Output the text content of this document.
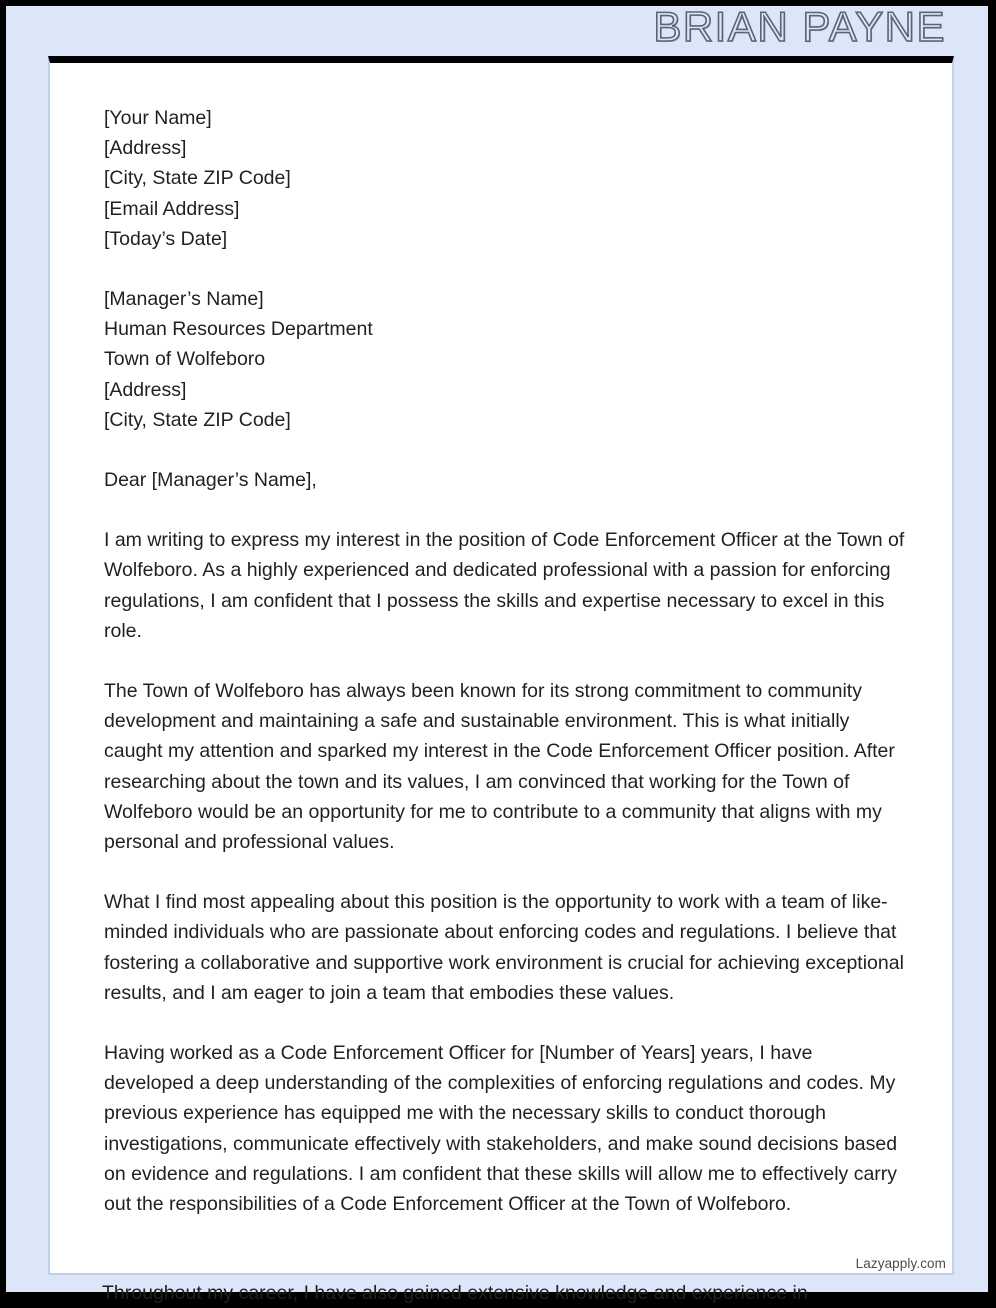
BRIAN PAYNE
[Your Name]
[Address]
[City, State ZIP Code]
[Email Address]
[Today’s Date]
[Manager’s Name]
Human Resources Department
Town of Wolfeboro
[Address]
[City, State ZIP Code]
Dear [Manager’s Name],

I am writing to express my interest in the position of Code Enforcement Officer at the Town of Wolfeboro. As a highly experienced and dedicated professional with a passion for enforcing regulations, I am confident that I possess the skills and expertise necessary to excel in this role.

The Town of Wolfeboro has always been known for its strong commitment to community development and maintaining a safe and sustainable environment. This is what initially caught my attention and sparked my interest in the Code Enforcement Officer position. After researching about the town and its values, I am convinced that working for the Town of Wolfeboro would be an opportunity for me to contribute to a community that aligns with my personal and professional values.

What I find most appealing about this position is the opportunity to work with a team of like-minded individuals who are passionate about enforcing codes and regulations. I believe that fostering a collaborative and supportive work environment is crucial for achieving exceptional results, and I am eager to join a team that embodies these values.

Having worked as a Code Enforcement Officer for [Number of Years] years, I have developed a deep understanding of the complexities of enforcing regulations and codes. My previous experience has equipped me with the necessary skills to conduct thorough investigations, communicate effectively with stakeholders, and make sound decisions based on evidence and regulations. I am confident that these skills will allow me to effectively carry out the responsibilities of a Code Enforcement Officer at the Town of Wolfeboro.

Lazyapply.com
Throughout my career, I have also gained extensive knowledge and experience in
